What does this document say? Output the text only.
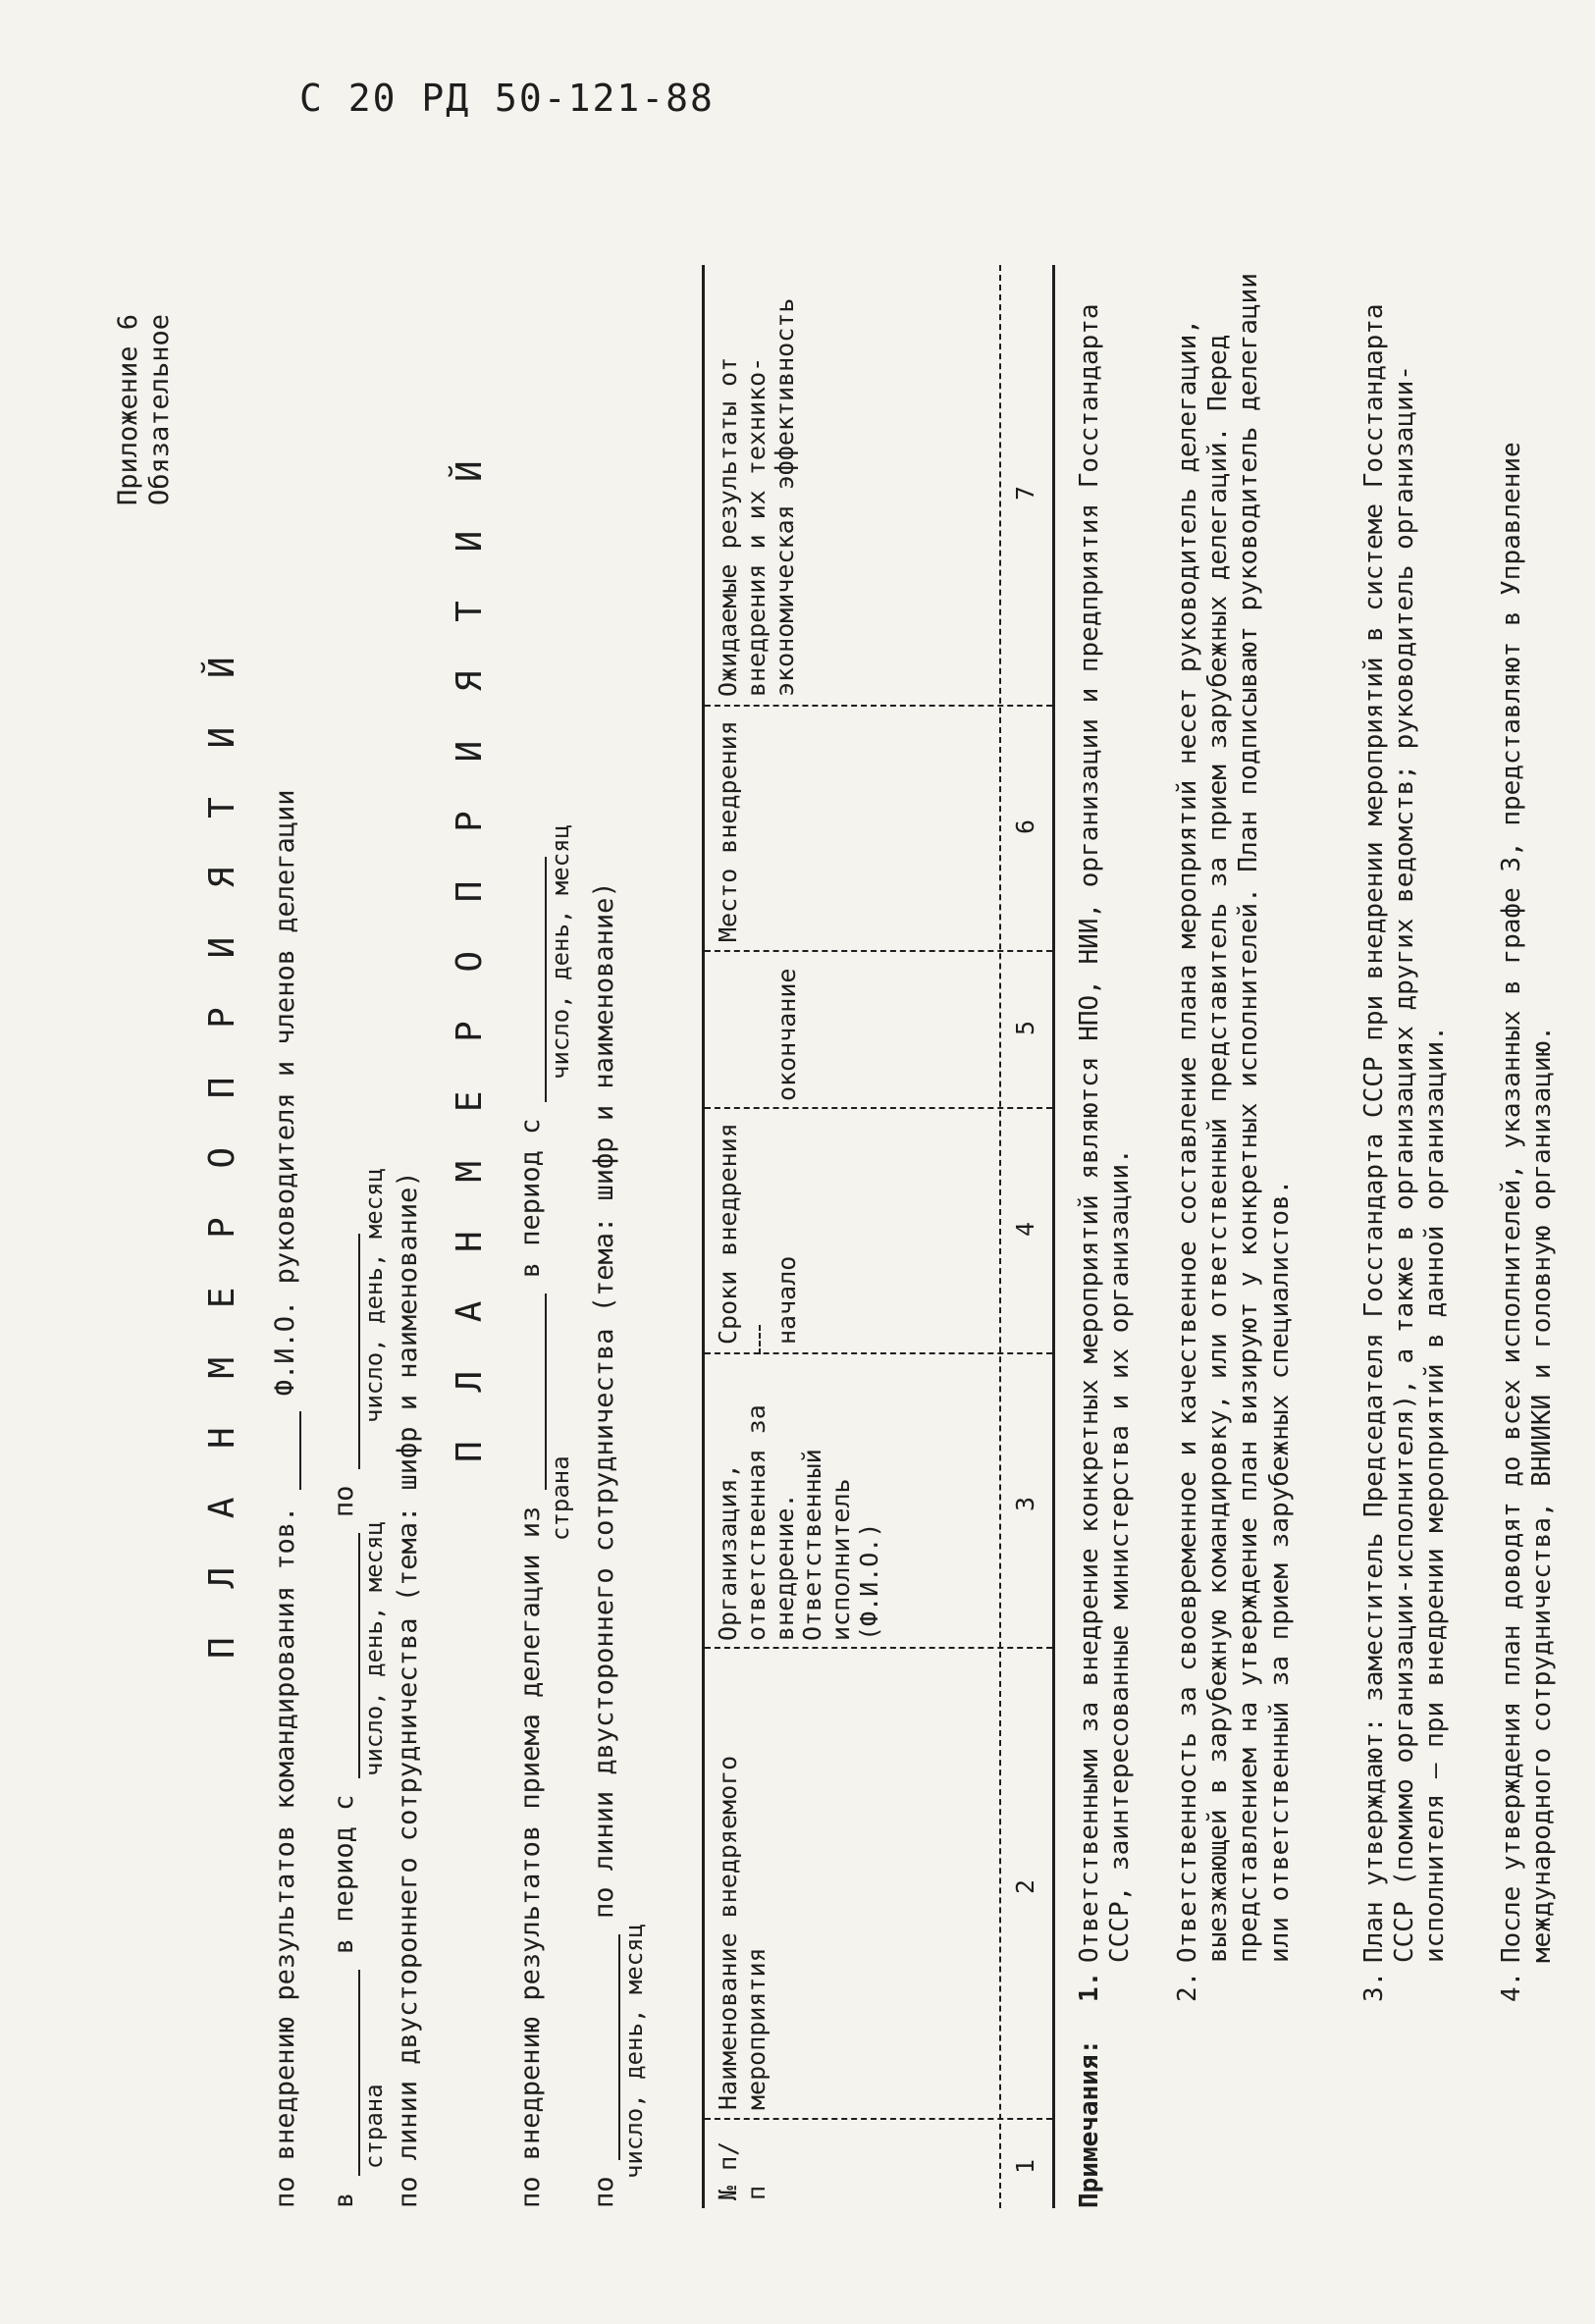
С 20 РД 50-121-88
Приложение 6 Обязательное
П Л А Н М Е Р О П Р И Я Т И Й
по внедрению результатов командирования тов.  Ф.И.О. руководителя и членов делегации
в  в период с  по
страна
число, день, месяц
число, день, месяц по линии двустороннего сотрудничества (тема: шифр и наименование)
П Л А Н М Е Р О П Р И Я Т И Й
по внедрению результатов приема делегации из  в период с
страна
число, день, месяц
по  по линии двустороннего сотрудничества (тема: шифр и наименование)
число, день, месяц	№ п/п
Наименование внедряемого мероприятия
Организация, ответственная за внедрение. Ответственный исполнитель (Ф.И.О.)
Сроки внедрения начало
окончание
Место внедрения
Ожидаемые результаты от внедрения и их технико-экономическая эффективность
1
2
3
4
5
6
7
Примечания:
1.
Ответственными за внедрение конкретных мероприятий являются НПО, НИИ, организации и предприятия Госстандарта СССР, заинтересованные министерства и их организации.
2.
Ответственность за своевременное и качественное составление плана мероприятий несет руководитель делегации, выезжающей в зарубежную командировку, или ответственный представитель за прием зарубежных делегаций. Перед представлением на утверждение план визируют у конкретных исполнителей. План подписывают руководитель делегации или ответственный за прием зарубежных специалистов.
3.
План утверждают: заместитель Председателя Госстандарта СССР при внедрении мероприятий в системе Госстандарта СССР (помимо организации-исполнителя), а также в организациях других ведомств; руководитель организации-исполнителя – при внедрении мероприятий в данной организации.
4.
После утверждения план доводят до всех исполнителей, указанных в графе 3, представляют в Управление международного сотрудничества, ВНИИКИ и головную организацию.
